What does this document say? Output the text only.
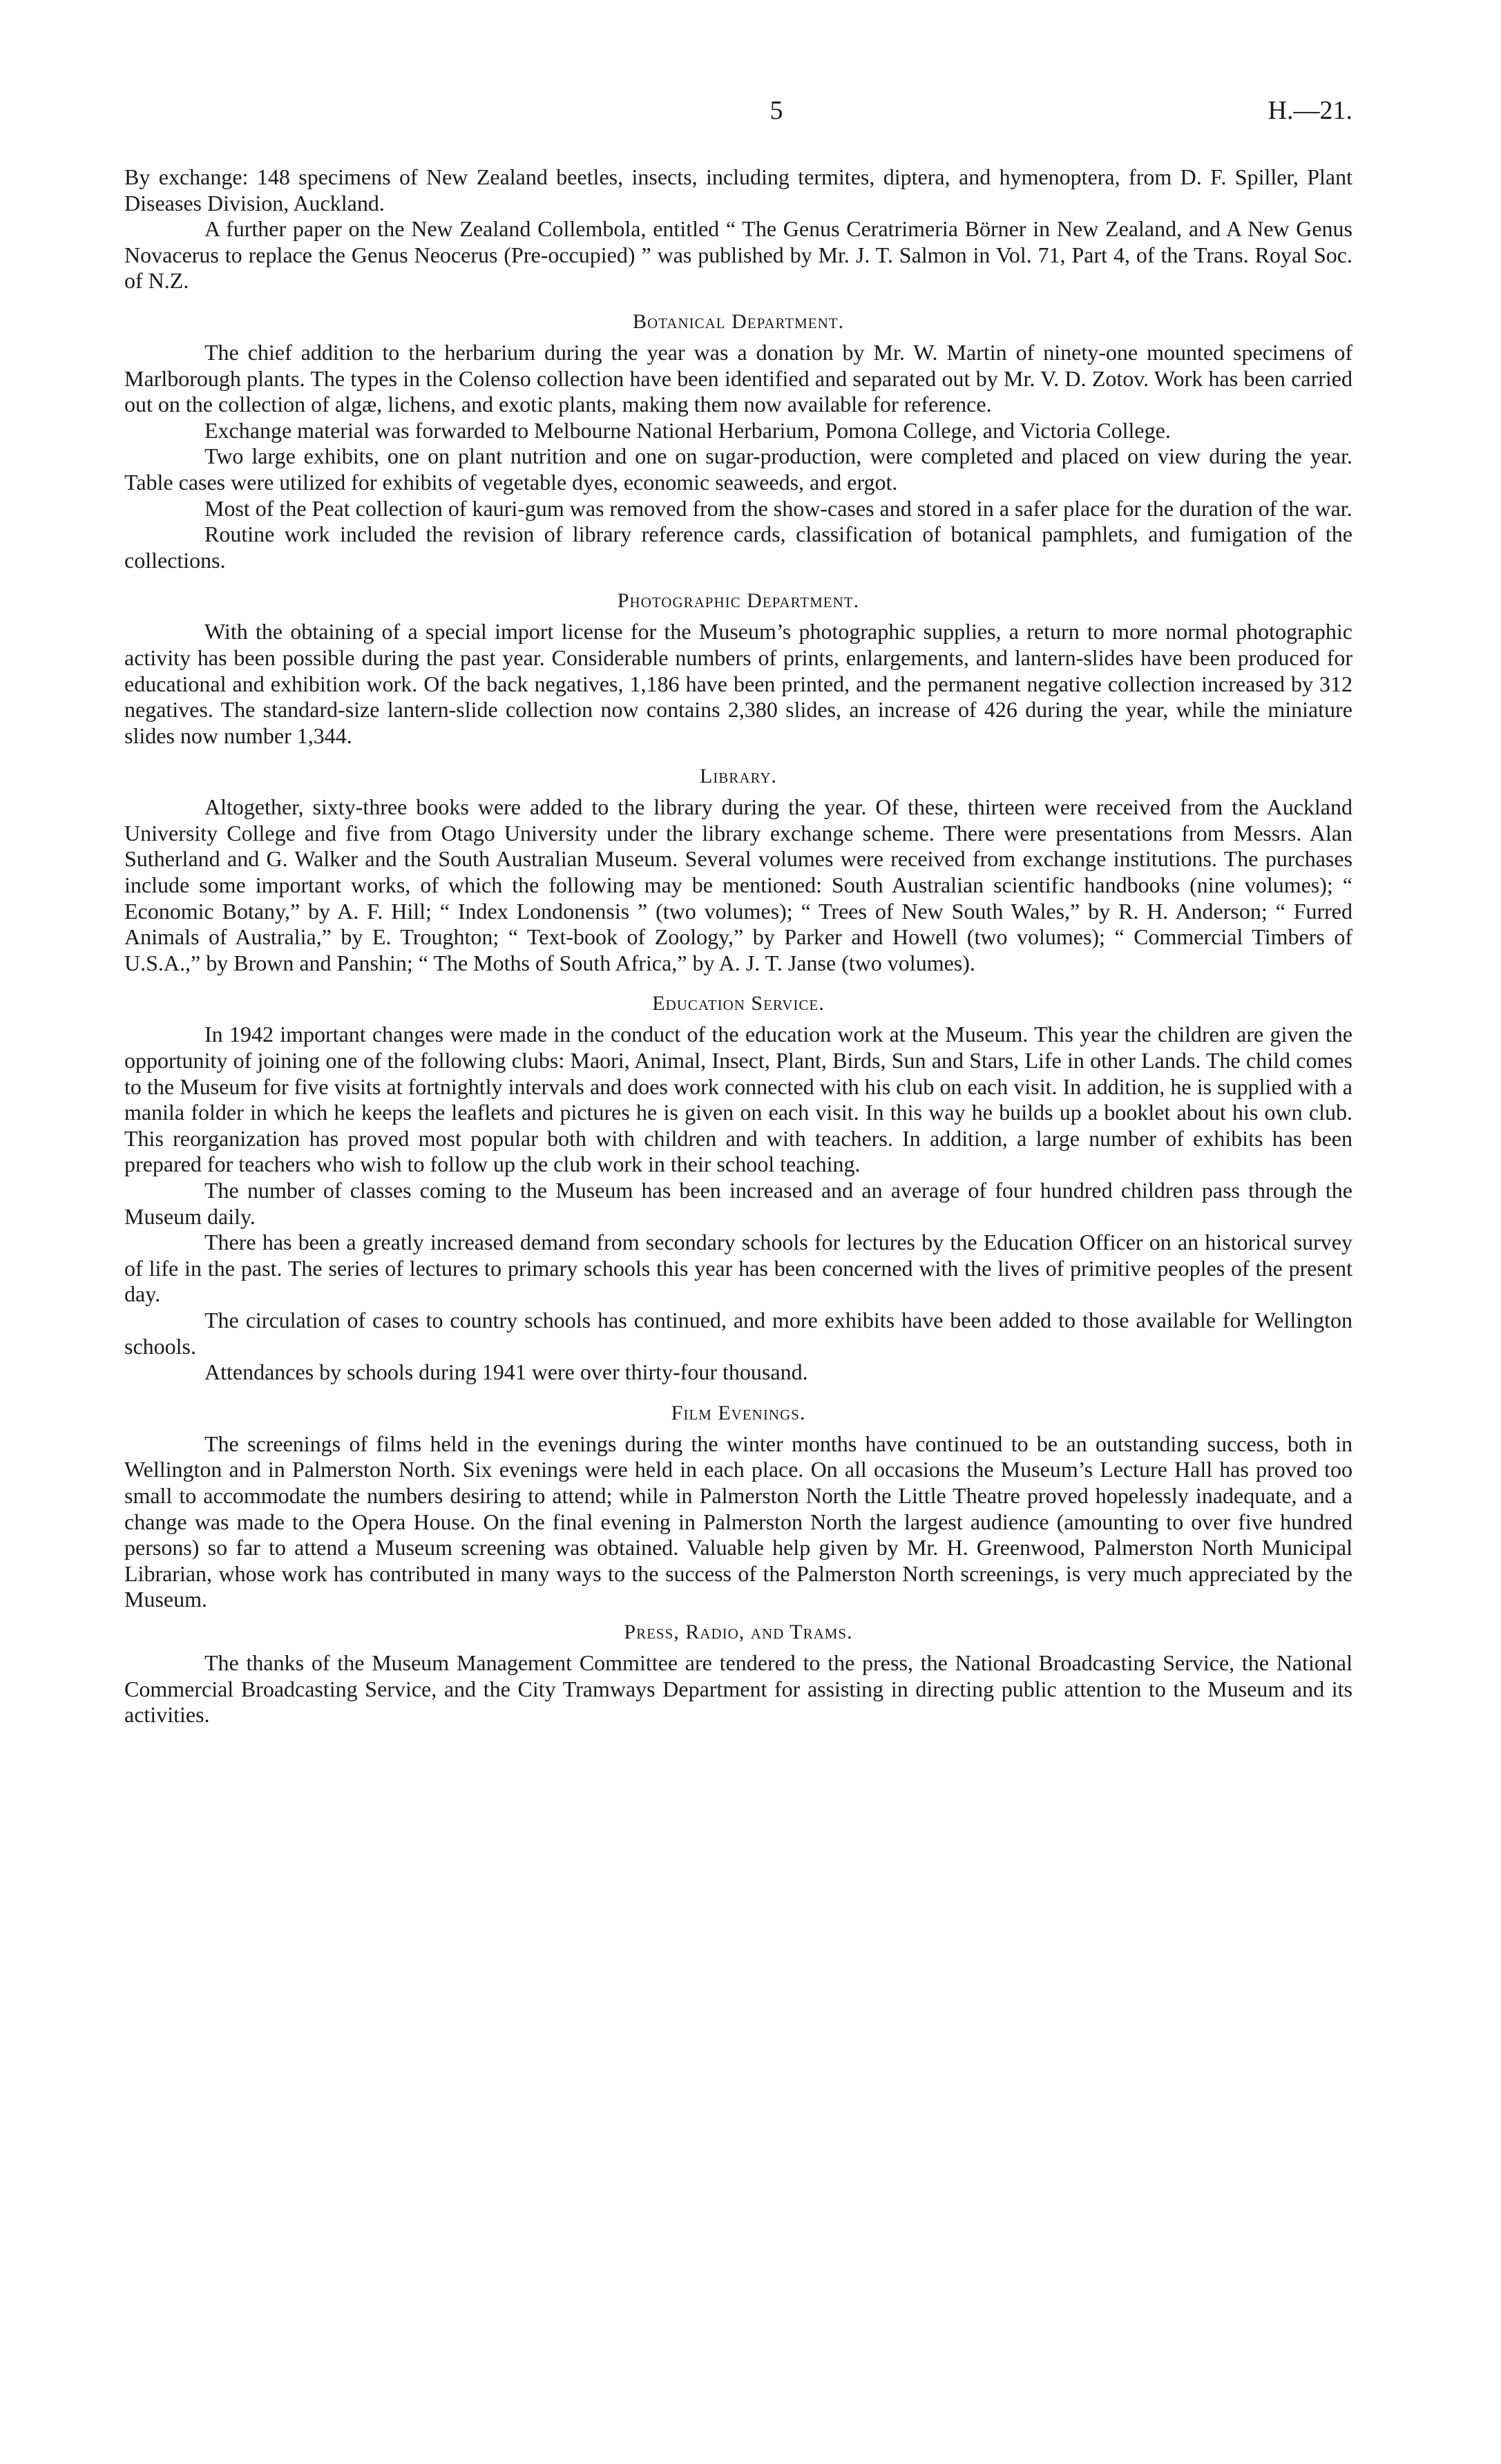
5	H.—21.

By exchange: 148 specimens of New Zealand beetles, insects, including termites, diptera, and hymenoptera, from D. F. Spiller, Plant Diseases Division, Auckland.

A further paper on the New Zealand Collembola, entitled “ The Genus Ceratrimeria Börner in New Zealand, and A New Genus Novacerus to replace the Genus Neocerus (Pre-occupied) ” was published by Mr. J. T. Salmon in Vol. 71, Part 4, of the Trans. Royal Soc. of N.Z.

Botanical Department.

The chief addition to the herbarium during the year was a donation by Mr. W. Martin of ninety-one mounted specimens of Marlborough plants. The types in the Colenso collection have been identified and separated out by Mr. V. D. Zotov. Work has been carried out on the collection of algæ, lichens, and exotic plants, making them now available for reference.

Exchange material was forwarded to Melbourne National Herbarium, Pomona College, and Victoria College.

Two large exhibits, one on plant nutrition and one on sugar-production, were completed and placed on view during the year. Table cases were utilized for exhibits of vegetable dyes, economic seaweeds, and ergot.

Most of the Peat collection of kauri-gum was removed from the show-cases and stored in a safer place for the duration of the war.

Routine work included the revision of library reference cards, classification of botanical pamphlets, and fumigation of the collections.

Photographic Department.

With the obtaining of a special import license for the Museum’s photographic supplies, a return to more normal photographic activity has been possible during the past year. Considerable numbers of prints, enlargements, and lantern-slides have been produced for educational and exhibition work. Of the back negatives, 1,186 have been printed, and the permanent negative collection increased by 312 negatives. The standard-size lantern-slide collection now contains 2,380 slides, an increase of 426 during the year, while the miniature slides now number 1,344.

Library.

Altogether, sixty-three books were added to the library during the year. Of these, thirteen were received from the Auckland University College and five from Otago University under the library exchange scheme. There were presentations from Messrs. Alan Sutherland and G. Walker and the South Australian Museum. Several volumes were received from exchange institutions. The purchases include some important works, of which the following may be mentioned: South Australian scientific handbooks (nine volumes); “ Economic Botany,” by A. F. Hill; “ Index Londonensis ” (two volumes); “ Trees of New South Wales,” by R. H. Anderson; “ Furred Animals of Australia,” by E. Troughton; “ Text-book of Zoology,” by Parker and Howell (two volumes); “ Commercial Timbers of U.S.A.,” by Brown and Panshin; “ The Moths of South Africa,” by A. J. T. Janse (two volumes).

Education Service.

In 1942 important changes were made in the conduct of the education work at the Museum. This year the children are given the opportunity of joining one of the following clubs: Maori, Animal, Insect, Plant, Birds, Sun and Stars, Life in other Lands. The child comes to the Museum for five visits at fortnightly intervals and does work connected with his club on each visit. In addition, he is supplied with a manila folder in which he keeps the leaflets and pictures he is given on each visit. In this way he builds up a booklet about his own club. This reorganization has proved most popular both with children and with teachers. In addition, a large number of exhibits has been prepared for teachers who wish to follow up the club work in their school teaching.

The number of classes coming to the Museum has been increased and an average of four hundred children pass through the Museum daily.

There has been a greatly increased demand from secondary schools for lectures by the Education Officer on an historical survey of life in the past. The series of lectures to primary schools this year has been concerned with the lives of primitive peoples of the present day.

The circulation of cases to country schools has continued, and more exhibits have been added to those available for Wellington schools.

Attendances by schools during 1941 were over thirty-four thousand.

Film Evenings.

The screenings of films held in the evenings during the winter months have continued to be an outstanding success, both in Wellington and in Palmerston North. Six evenings were held in each place. On all occasions the Museum’s Lecture Hall has proved too small to accommodate the numbers desiring to attend; while in Palmerston North the Little Theatre proved hopelessly inadequate, and a change was made to the Opera House. On the final evening in Palmerston North the largest audience (amounting to over five hundred persons) so far to attend a Museum screening was obtained. Valuable help given by Mr. H. Greenwood, Palmerston North Municipal Librarian, whose work has contributed in many ways to the success of the Palmerston North screenings, is very much appreciated by the Museum.

Press, Radio, and Trams.

The thanks of the Museum Management Committee are tendered to the press, the National Broadcasting Service, the National Commercial Broadcasting Service, and the City Tramways Department for assisting in directing public attention to the Museum and its activities.
